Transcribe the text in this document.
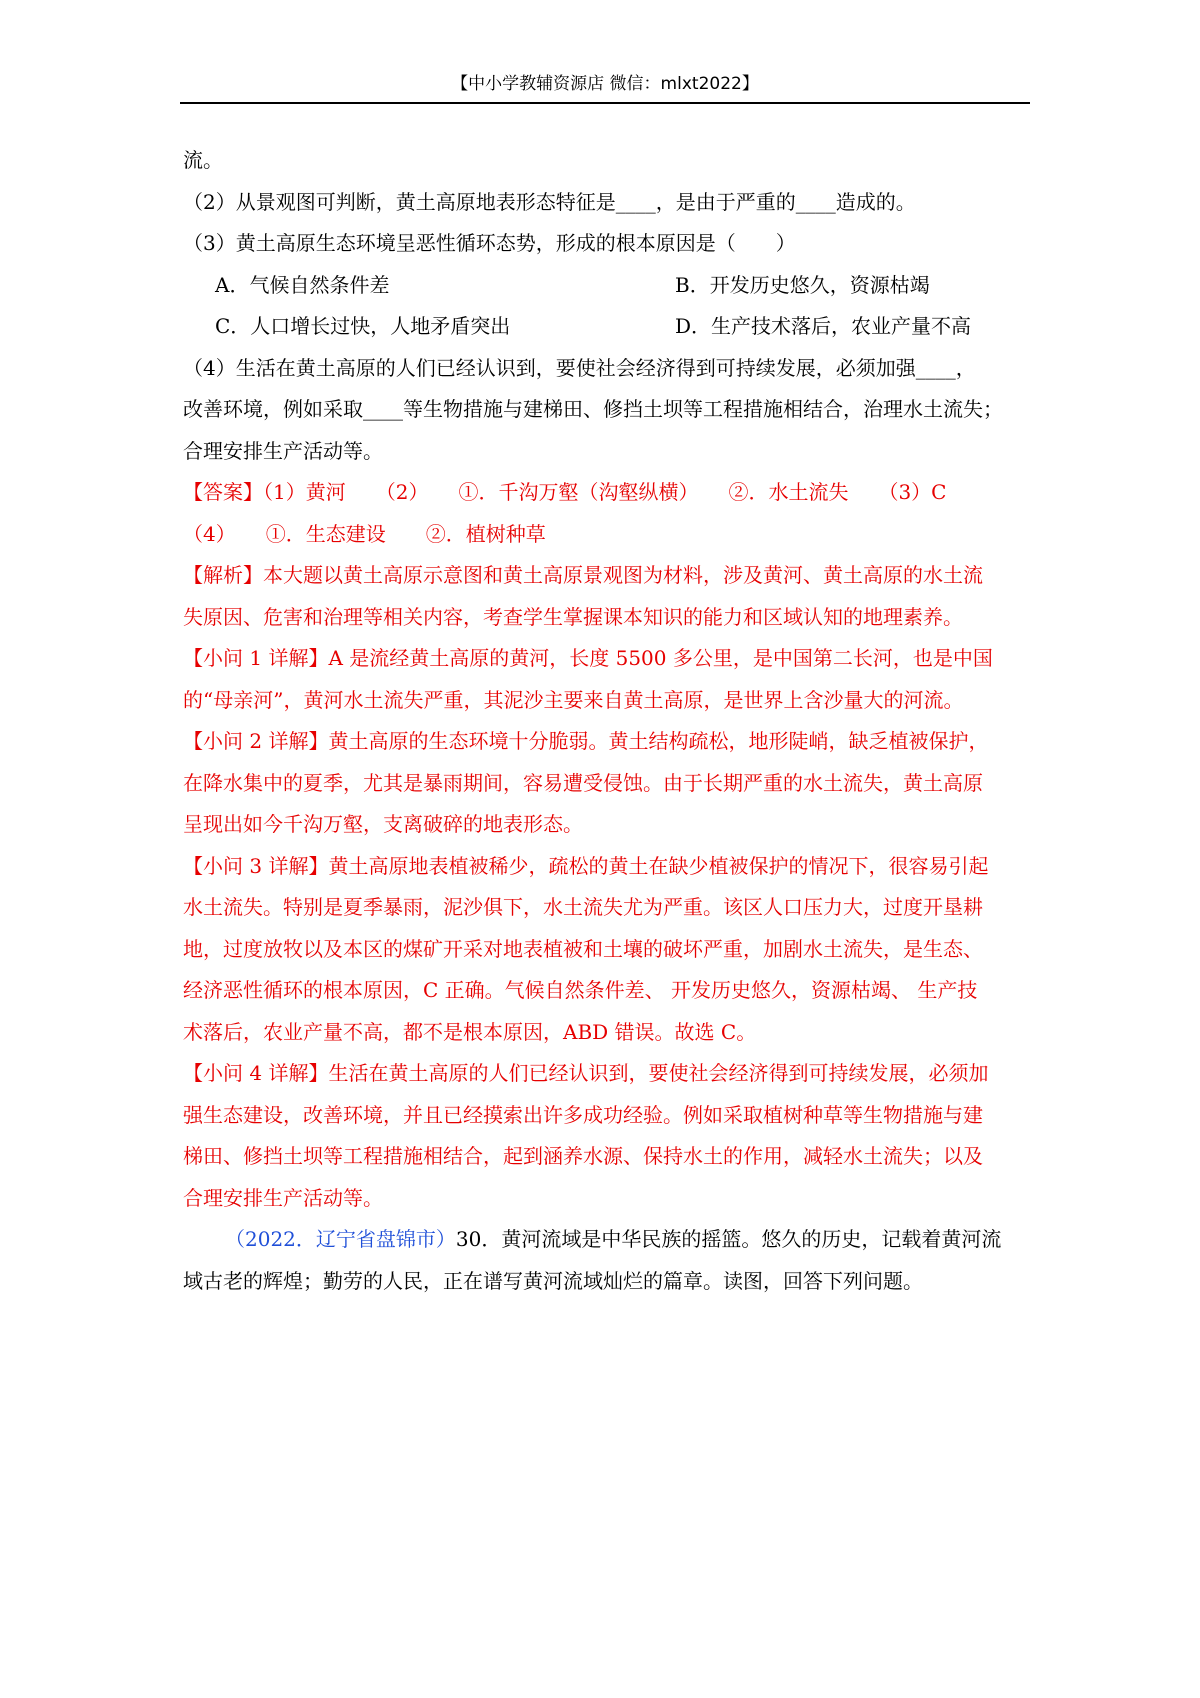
【中小学教辅资源店 微信：mlxt2022】
流。
（2）从景观图可判断，黄土高原地表形态特征是____，是由于严重的____造成的。
（3）黄土高原生态环境呈恶性循环态势，形成的根本原因是（　　）
A．气候自然条件差	B．开发历史悠久，资源枯竭
C．人口增长过快，人地矛盾突出	D．生产技术落后，农业产量不高
（4）生活在黄土高原的人们已经认识到，要使社会经济得到可持续发展，必须加强____，
改善环境，例如采取____等生物措施与建梯田、修挡土坝等工程措施相结合，治理水土流失；
合理安排生产活动等。
【答案】（1）黄河　　（2）　　①．千沟万壑（沟壑纵横）　　②．水土流失　　（3）C
（4）　　①．生态建设　　②．植树种草
【解析】本大题以黄土高原示意图和黄土高原景观图为材料，涉及黄河、黄土高原的水土流
失原因、危害和治理等相关内容，考查学生掌握课本知识的能力和区域认知的地理素养。
【小问 1 详解】A 是流经黄土高原的黄河，长度 5500 多公里，是中国第二长河，也是中国
的“母亲河”，黄河水土流失严重，其泥沙主要来自黄土高原，是世界上含沙量大的河流。
【小问 2 详解】黄土高原的生态环境十分脆弱。黄土结构疏松，地形陡峭，缺乏植被保护，
在降水集中的夏季，尤其是暴雨期间，容易遭受侵蚀。由于长期严重的水土流失，黄土高原
呈现出如今千沟万壑，支离破碎的地表形态。
【小问 3 详解】黄土高原地表植被稀少，疏松的黄土在缺少植被保护的情况下，很容易引起
水土流失。特别是夏季暴雨，泥沙俱下，水土流失尤为严重。该区人口压力大，过度开垦耕
地，过度放牧以及本区的煤矿开采对地表植被和土壤的破坏严重，加剧水土流失，是生态、
经济恶性循环的根本原因，C 正确。气候自然条件差、 开发历史悠久，资源枯竭、 生产技
术落后，农业产量不高，都不是根本原因，ABD 错误。故选 C。
【小问 4 详解】生活在黄土高原的人们已经认识到，要使社会经济得到可持续发展，必须加
强生态建设，改善环境，并且已经摸索出许多成功经验。例如采取植树种草等生物措施与建
梯田、修挡土坝等工程措施相结合，起到涵养水源、保持水土的作用，减轻水土流失；以及
合理安排生产活动等。
（2022．辽宁省盘锦市）30．黄河流域是中华民族的摇篮。悠久的历史，记载着黄河流
域古老的辉煌；勤劳的人民，正在谱写黄河流域灿烂的篇章。读图，回答下列问题。
